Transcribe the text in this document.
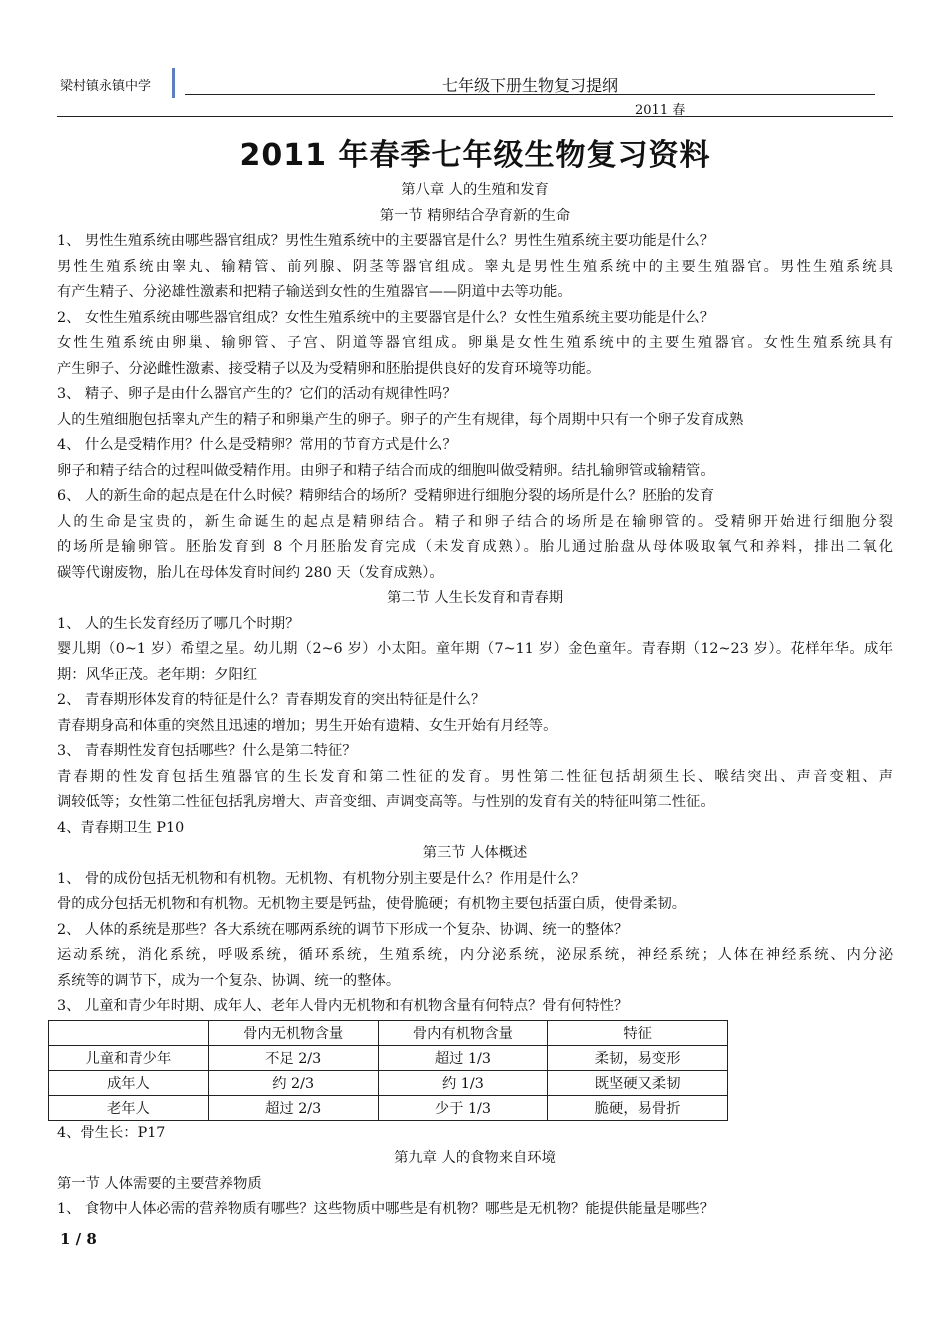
梁村镇永镇中学	七年级下册生物复习提纲
2011 春
2011 年春季七年级生物复习资料
第八章 人的生殖和发育
第一节 精卵结合孕育新的生命
1、 男性生殖系统由哪些器官组成？男性生殖系统中的主要器官是什么？男性生殖系统主要功能是什么？
男性生殖系统由睾丸、输精管、前列腺、阴茎等器官组成。睾丸是男性生殖系统中的主要生殖器官。男性生殖系统具
有产生精子、分泌雄性激素和把精子输送到女性的生殖器官——阴道中去等功能。
2、 女性生殖系统由哪些器官组成？女性生殖系统中的主要器官是什么？女性生殖系统主要功能是什么？
女性生殖系统由卵巢、输卵管、子宫、阴道等器官组成。卵巢是女性生殖系统中的主要生殖器官。女性生殖系统具有
产生卵子、分泌雌性激素、接受精子以及为受精卵和胚胎提供良好的发育环境等功能。
3、 精子、卵子是由什么器官产生的？它们的活动有规律性吗？
人的生殖细胞包括睾丸产生的精子和卵巢产生的卵子。卵子的产生有规律，每个周期中只有一个卵子发育成熟
4、 什么是受精作用？什么是受精卵？常用的节育方式是什么？
卵子和精子结合的过程叫做受精作用。由卵子和精子结合而成的细胞叫做受精卵。结扎输卵管或输精管。
6、 人的新生命的起点是在什么时候？精卵结合的场所？受精卵进行细胞分裂的场所是什么？胚胎的发育
人的生命是宝贵的，新生命诞生的起点是精卵结合。精子和卵子结合的场所是在输卵管的。受精卵开始进行细胞分裂
的场所是输卵管。胚胎发育到 8 个月胚胎发育完成（未发育成熟）。胎儿通过胎盘从母体吸取氧气和养料，排出二氧化
碳等代谢废物，胎儿在母体发育时间约 280 天（发育成熟）。
第二节 人生长发育和青春期
1、 人的生长发育经历了哪几个时期？
婴儿期（0~1 岁）希望之星。幼儿期（2~6 岁）小太阳。童年期（7~11 岁）金色童年。青春期（12~23 岁）。花样年华。成年
期：风华正茂。老年期：夕阳红
2、 青春期形体发育的特征是什么？青春期发育的突出特征是什么？
青春期身高和体重的突然且迅速的增加；男生开始有遗精、女生开始有月经等。
3、 青春期性发育包括哪些？什么是第二特征？
青春期的性发育包括生殖器官的生长发育和第二性征的发育。男性第二性征包括胡须生长、喉结突出、声音变粗、声
调较低等；女性第二性征包括乳房增大、声音变细、声调变高等。与性别的发育有关的特征叫第二性征。
4、青春期卫生 P10
第三节 人体概述
1、 骨的成份包括无机物和有机物。无机物、有机物分别主要是什么？作用是什么？
骨的成分包括无机物和有机物。无机物主要是钙盐，使骨脆硬；有机物主要包括蛋白质，使骨柔韧。
2、 人体的系统是那些？各大系统在哪两系统的调节下形成一个复杂、协调、统一的整体？
运动系统，消化系统，呼吸系统，循环系统，生殖系统，内分泌系统，泌尿系统，神经系统；人体在神经系统、内分泌
系统等的调节下，成为一个复杂、协调、统一的整体。
3、 儿童和青少年时期、成年人、老年人骨内无机物和有机物含量有何特点？骨有何特性？
	骨内无机物含量	骨内有机物含量	特征
儿童和青少年	不足 2/3	超过 1/3	柔韧，易变形
成年人	约 2/3	约 1/3	既坚硬又柔韧
老年人	超过 2/3	少于 1/3	脆硬，易骨折
4、骨生长：P17
第九章 人的食物来自环境
第一节 人体需要的主要营养物质
1、 食物中人体必需的营养物质有哪些？这些物质中哪些是有机物？哪些是无机物？能提供能量是哪些？
1 / 8
